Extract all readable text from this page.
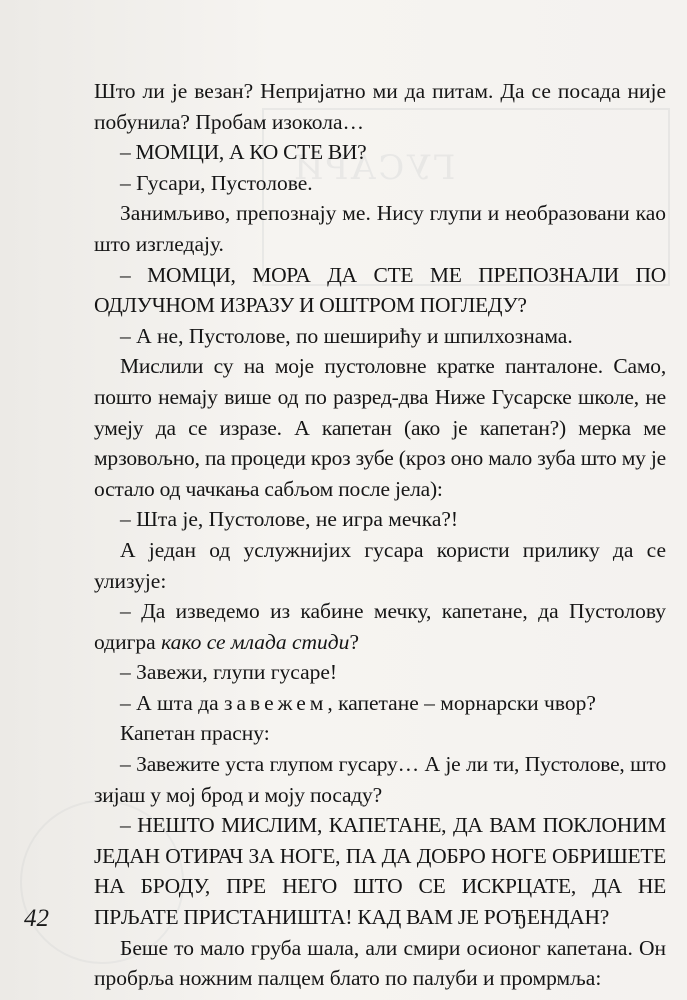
ГУСАРИ

Што ли је везан? Непријатно ми да питам. Да се посада није побунила? Пробам изокола…

– МОМЦИ, А КО СТЕ ВИ?

– Гусари, Пустолове.

Занимљиво, препознају ме. Нису глупи и необразовани као што изгледају.

– МОМЦИ, МОРА ДА СТЕ МЕ ПРЕПОЗНАЛИ ПО ОДЛУЧНОМ ИЗРАЗУ И ОШТРОМ ПОГЛЕДУ?

– А не, Пустолове, по шеширићу и шпилхознама.

Мислили су на моје пустоловне кратке панталоне. Само, пошто немају више од по разред-два Ниже Гусарске школе, не умеју да се изразе. А капетан (ако је капетан?) мерка ме мрзовољно, па процеди кроз зубе (кроз оно мало зуба што му је остало од чачкања сабљом после јела):

– Шта је, Пустолове, не игра мечка?!

А један од услужнијих гусара користи прилику да се улизује:

– Да изведемо из кабине мечку, капетане, да Пустолову одигра како се млада стиди?

– Завежи, глупи гусаре!

– А шта да завежем, капетане – морнарски чвор?

Капетан прасну:

– Завежите уста глупом гусару… А је ли ти, Пустолове, што зијаш у мој брод и моју посаду?

– НЕШТО МИСЛИМ, КАПЕТАНЕ, ДА ВАМ ПОКЛОНИМ ЈЕДАН ОТИРАЧ ЗА НОГЕ, ПА ДА ДОБРО НОГЕ ОБРИШЕТЕ НА БРОДУ, ПРЕ НЕГО ШТО СЕ ИСКРЦАТЕ, ДА НЕ ПРЉАТЕ ПРИСТАНИШТА! КАД ВАМ ЈЕ РОЂЕНДАН?

Беше то мало груба шала, али смири осионог капетана. Он пробрља ножним палцем блато по палуби и промрмља:

42
